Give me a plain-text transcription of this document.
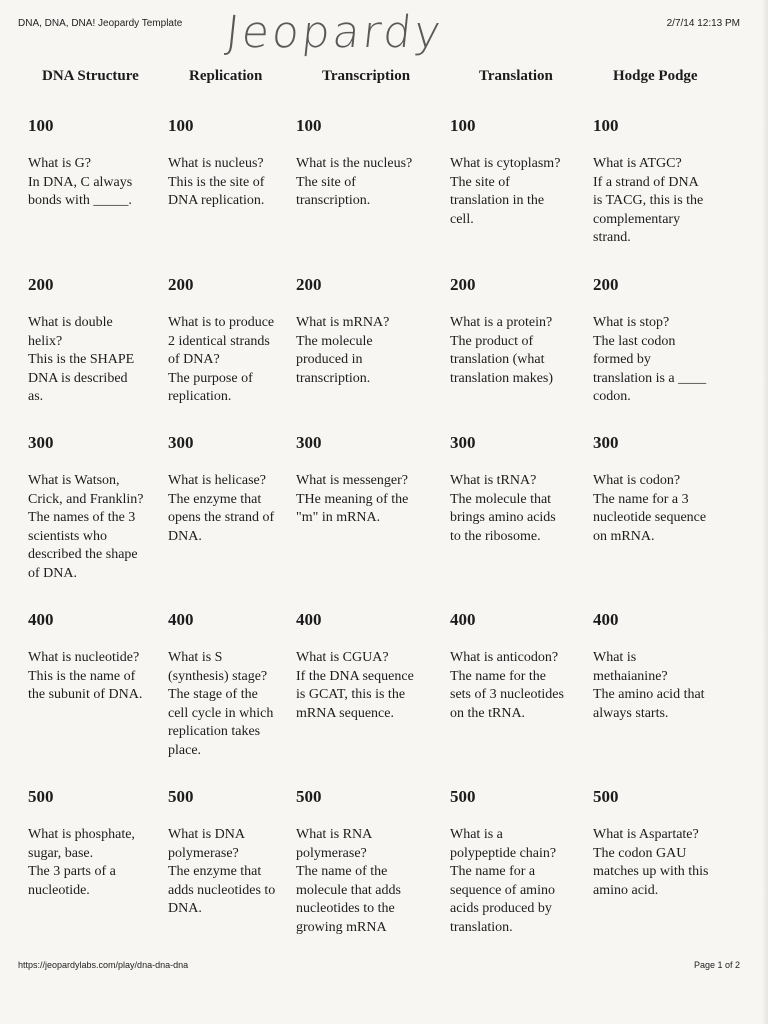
DNA, DNA, DNA! Jeopardy Template	2/7/14 12:13 PM
Jeopardy
DNA Structure
100
What is G?
In DNA, C always
bonds with _____.
200
What is double
helix?
This is the SHAPE
DNA is described
as.
300
What is Watson,
Crick, and Franklin?
The names of the 3
scientists who
described the shape
of DNA.
400
What is nucleotide?
This is the name of
the subunit of DNA.
500
What is phosphate,
sugar, base.
The 3 parts of a
nucleotide.
Replication
100
What is nucleus?
This is the site of
DNA replication.
200
What is to produce
2 identical strands
of DNA?
The purpose of
replication.
300
What is helicase?
The enzyme that
opens the strand of
DNA.
400
What is S
(synthesis) stage?
The stage of the
cell cycle in which
replication takes
place.
500
What is DNA
polymerase?
The enzyme that
adds nucleotides to
DNA.
Transcription
100
What is the nucleus?
The site of
transcription.
200
What is mRNA?
The molecule
produced in
transcription.
300
What is messenger?
THe meaning of the
"m" in mRNA.
400
What is CGUA?
If the DNA sequence
is GCAT, this is the
mRNA sequence.
500
What is RNA
polymerase?
The name of the
molecule that adds
nucleotides to the
growing mRNA
Translation
100
What is cytoplasm?
The site of
translation in the
cell.
200
What is a protein?
The product of
translation (what
translation makes)
300
What is tRNA?
The molecule that
brings amino acids
to the ribosome.
400
What is anticodon?
The name for the
sets of 3 nucleotides
on the tRNA.
500
What is a
polypeptide chain?
The name for a
sequence of amino
acids produced by
translation.
Hodge Podge
100
What is ATGC?
If a strand of DNA
is TACG, this is the
complementary
strand.
200
What is stop?
The last codon
formed by
translation is a ____
codon.
300
What is codon?
The name for a 3
nucleotide sequence
on mRNA.
400
What is
methaianine?
The amino acid that
always starts.
500
What is Aspartate?
The codon GAU
matches up with this
amino acid.
https://jeopardylabs.com/play/dna-dna-dna	Page 1 of 2
